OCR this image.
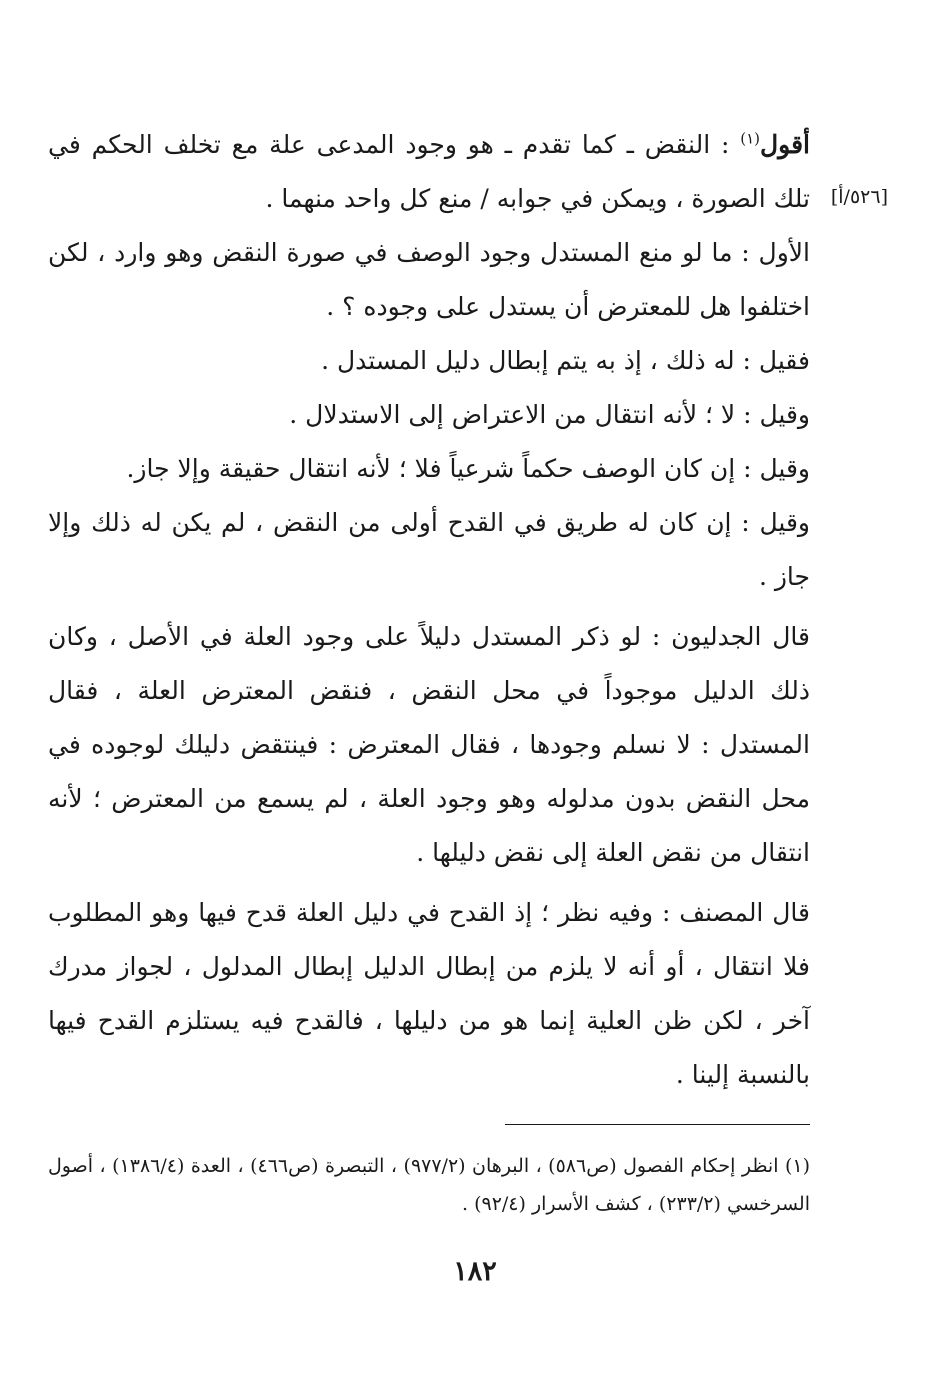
[٥٢٦/أ]

أقول$^{(١)}$ : النقض ـ كما تقدم ـ هو وجود المدعى علة مع تخلف الحكم في تلك الصورة ، ويمكن في جوابه / منع كل واحد منهما .

الأول : ما لو منع المستدل وجود الوصف في صورة النقض وهو وارد ، لكن اختلفوا هل للمعترض أن يستدل على وجوده ؟ .

فقيل : له ذلك ، إذ به يتم إبطال دليل المستدل .

وقيل : لا ؛ لأنه انتقال من الاعتراض إلى الاستدلال .

وقيل : إن كان الوصف حكماً شرعياً فلا ؛ لأنه انتقال حقيقة وإلا جاز.

وقيل : إن كان له طريق في القدح أولى من النقض ، لم يكن له ذلك وإلا جاز .

قال الجدليون : لو ذكر المستدل دليلاً على وجود العلة في الأصل ، وكان ذلك الدليل موجوداً في محل النقض ، فنقض المعترض العلة ، فقال المستدل : لا نسلم وجودها ، فقال المعترض : فينتقض دليلك لوجوده في محل النقض بدون مدلوله وهو وجود العلة ، لم يسمع من المعترض ؛ لأنه انتقال من نقض العلة إلى نقض دليلها .

قال المصنف : وفيه نظر ؛ إذ القدح في دليل العلة قدح فيها وهو المطلوب فلا انتقال ، أو أنه لا يلزم من إبطال الدليل إبطال المدلول ، لجواز مدرك آخر ، لكن ظن العلية إنما هو من دليلها ، فالقدح فيه يستلزم القدح فيها بالنسبة إلينا .

(١) انظر إحكام الفصول (ص٥٨٦) ، البرهان (٩٧٧/٢) ، التبصرة (ص٤٦٦) ، العدة (١٣٨٦/٤) ، أصول السرخسي (٢٣٣/٢) ، كشف الأسرار (٩٢/٤) .
١٨٢
